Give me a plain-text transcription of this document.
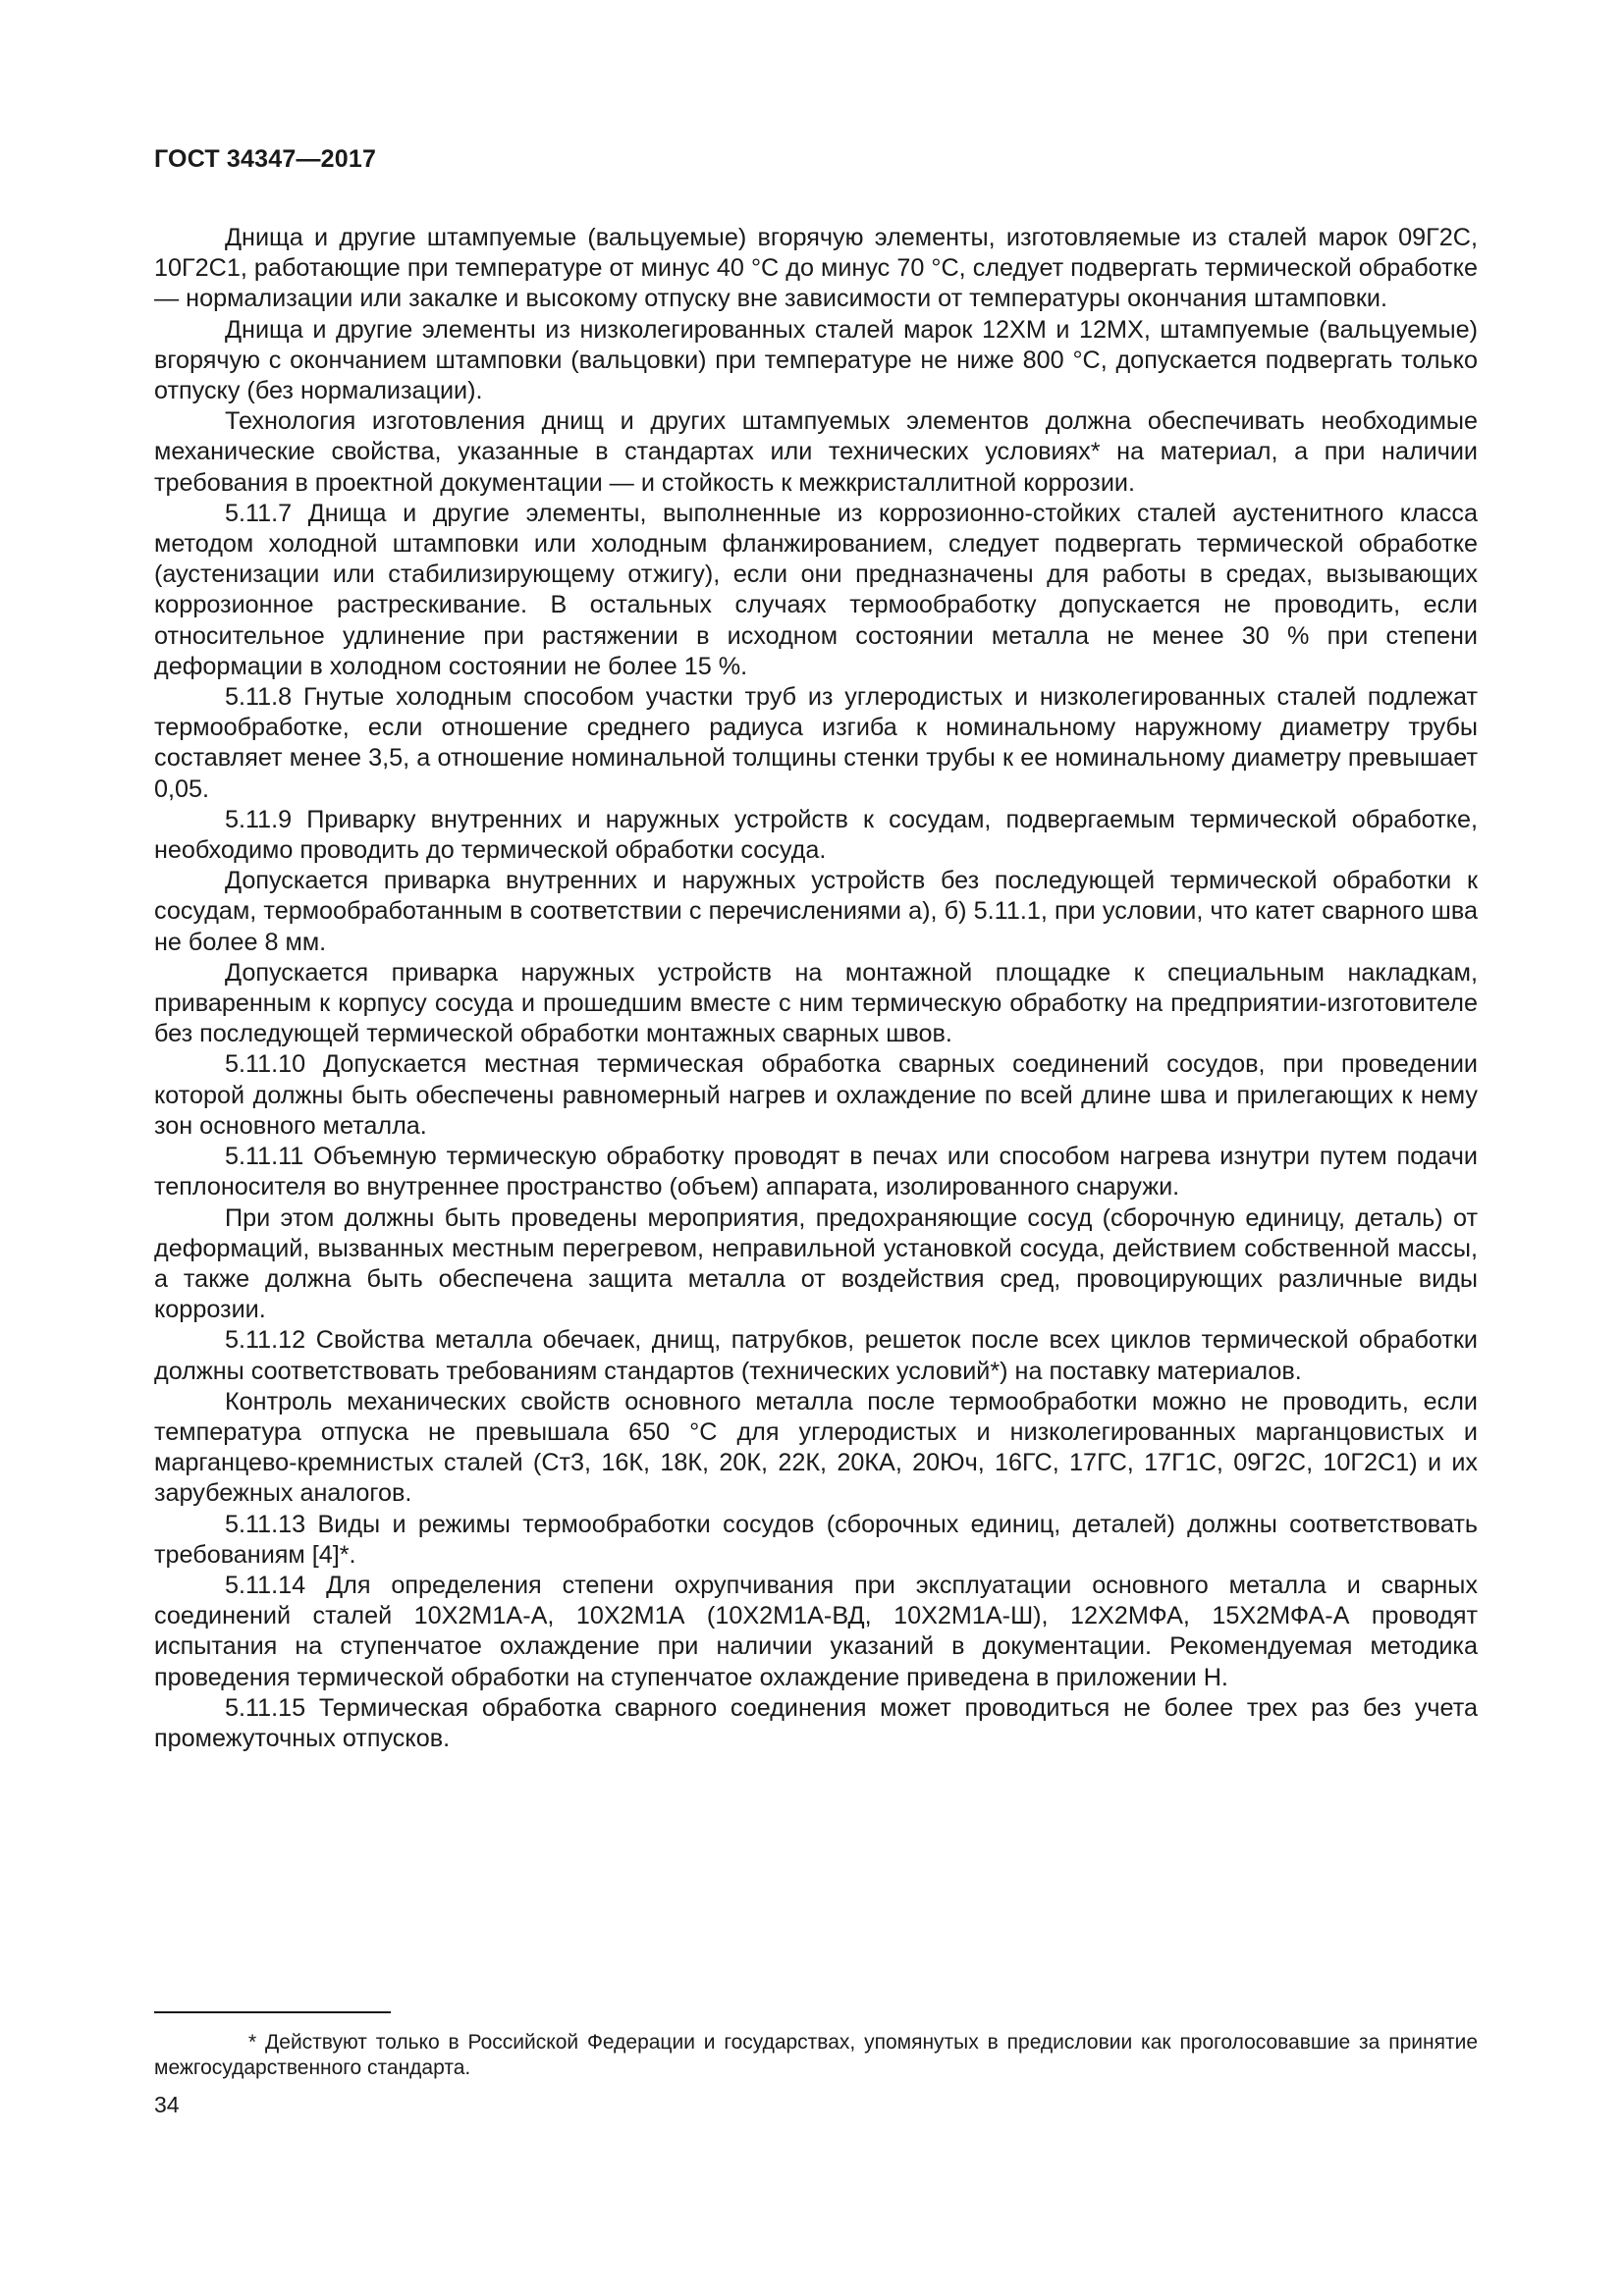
ГОСТ 34347—2017

Днища и другие штампуемые (вальцуемые) вгорячую элементы, изготовляемые из сталей марок 09Г2С, 10Г2С1, работающие при температуре от минус 40 °С до минус 70 °С, следует подвергать термической обработке — нормализации или закалке и высокому отпуску вне зависимости от температуры окончания штамповки.

Днища и другие элементы из низколегированных сталей марок 12ХМ и 12МХ, штампуемые (вальцуемые) вгорячую с окончанием штамповки (вальцовки) при температуре не ниже 800 °С, допускается подвергать только отпуску (без нормализации).

Технология изготовления днищ и других штампуемых элементов должна обеспечивать необходимые механические свойства, указанные в стандартах или технических условиях* на материал, а при наличии требования в проектной документации — и стойкость к межкристаллитной коррозии.

5.11.7 Днища и другие элементы, выполненные из коррозионно-стойких сталей аустенитного класса методом холодной штамповки или холодным фланжированием, следует подвергать термической обработке (аустенизации или стабилизирующему отжигу), если они предназначены для работы в средах, вызывающих коррозионное растрескивание. В остальных случаях термообработку допускается не проводить, если относительное удлинение при растяжении в исходном состоянии металла не менее 30 % при степени деформации в холодном состоянии не более 15 %.

5.11.8 Гнутые холодным способом участки труб из углеродистых и низколегированных сталей подлежат термообработке, если отношение среднего радиуса изгиба к номинальному наружному диаметру трубы составляет менее 3,5, а отношение номинальной толщины стенки трубы к ее номинальному диаметру превышает 0,05.

5.11.9 Приварку внутренних и наружных устройств к сосудам, подвергаемым термической обработке, необходимо проводить до термической обработки сосуда.

Допускается приварка внутренних и наружных устройств без последующей термической обработки к сосудам, термообработанным в соответствии с перечислениями а), б) 5.11.1, при условии, что катет сварного шва не более 8 мм.

Допускается приварка наружных устройств на монтажной площадке к специальным накладкам, приваренным к корпусу сосуда и прошедшим вместе с ним термическую обработку на предприятии-изготовителе без последующей термической обработки монтажных сварных швов.

5.11.10 Допускается местная термическая обработка сварных соединений сосудов, при проведении которой должны быть обеспечены равномерный нагрев и охлаждение по всей длине шва и прилегающих к нему зон основного металла.

5.11.11 Объемную термическую обработку проводят в печах или способом нагрева изнутри путем подачи теплоносителя во внутреннее пространство (объем) аппарата, изолированного снаружи.

При этом должны быть проведены мероприятия, предохраняющие сосуд (сборочную единицу, деталь) от деформаций, вызванных местным перегревом, неправильной установкой сосуда, действием собственной массы, а также должна быть обеспечена защита металла от воздействия сред, провоцирующих различные виды коррозии.

5.11.12 Свойства металла обечаек, днищ, патрубков, решеток после всех циклов термической обработки должны соответствовать требованиям стандартов (технических условий*) на поставку материалов.

Контроль механических свойств основного металла после термообработки можно не проводить, если температура отпуска не превышала 650 °С для углеродистых и низколегированных марганцовистых и марганцево-кремнистых сталей (Ст3, 16К, 18К, 20К, 22К, 20КА, 20Юч, 16ГС, 17ГС, 17Г1С, 09Г2С, 10Г2С1) и их зарубежных аналогов.

5.11.13 Виды и режимы термообработки сосудов (сборочных единиц, деталей) должны соответствовать требованиям [4]*.

5.11.14 Для определения степени охрупчивания при эксплуатации основного металла и сварных соединений сталей 10Х2М1А-А, 10Х2М1А (10Х2М1А-ВД, 10Х2М1А-Ш), 12Х2МФА, 15Х2МФА-А проводят испытания на ступенчатое охлаждение при наличии указаний в документации. Рекомендуемая методика проведения термической обработки на ступенчатое охлаждение приведена в приложении Н.

5.11.15 Термическая обработка сварного соединения может проводиться не более трех раз без учета промежуточных отпусков.

* Действуют только в Российской Федерации и государствах, упомянутых в предисловии как проголосовавшие за принятие межгосударственного стандарта.

34
